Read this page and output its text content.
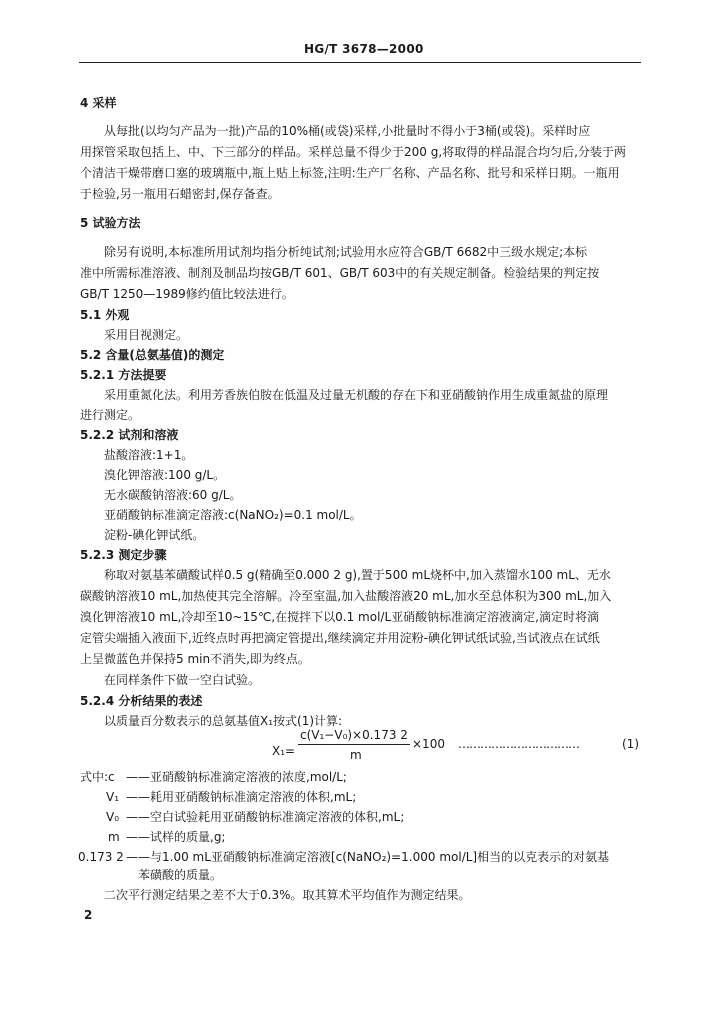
HG/T 3678—2000
4 采样
从每批(以均匀产品为一批)产品的10%桶(或袋)采样,小批量时不得小于3桶(或袋)。采样时应
用探管采取包括上、中、下三部分的样品。采样总量不得少于200 g,将取得的样品混合均匀后,分装于两
个清洁干燥带磨口塞的玻璃瓶中,瓶上贴上标签,注明:生产厂名称、产品名称、批号和采样日期。一瓶用
于检验,另一瓶用石蜡密封,保存备查。
5 试验方法
除另有说明,本标准所用试剂均指分析纯试剂;试验用水应符合GB/T 6682中三级水规定;本标
准中所需标准溶液、制剂及制品均按GB/T 601、GB/T 603中的有关规定制备。检验结果的判定按
GB/T 1250—1989修约值比较法进行。
5.1 外观
采用目视测定。
5.2 含量(总氨基值)的测定
5.2.1 方法提要
采用重氮化法。利用芳香族伯胺在低温及过量无机酸的存在下和亚硝酸钠作用生成重氮盐的原理
进行测定。
5.2.2 试剂和溶液
盐酸溶液:1+1。
溴化钾溶液:100 g/L。
无水碳酸钠溶液:60 g/L。
亚硝酸钠标准滴定溶液:c(NaNO₂)=0.1 mol/L。
淀粉-碘化钾试纸。
5.2.3 测定步骤
称取对氨基苯磺酸试样0.5 g(精确至0.000 2 g),置于500 mL烧杯中,加入蒸馏水100 mL、无水
碳酸钠溶液10 mL,加热使其完全溶解。冷至室温,加入盐酸溶液20 mL,加水至总体积为300 mL,加入
溴化钾溶液10 mL,冷却至10~15℃,在搅拌下以0.1 mol/L亚硝酸钠标准滴定溶液滴定,滴定时将滴
定管尖端插入液面下,近终点时再把滴定管提出,继续滴定并用淀粉-碘化钾试纸试验,当试液点在试纸
上呈微蓝色并保持5 min不消失,即为终点。
在同样条件下做一空白试验。
5.2.4 分析结果的表述
以质量百分数表示的总氨基值X₁按式(1)计算:
X₁=
c(V₁−V₀)×0.173 2
m
×100 ……………………………	(1)
式中:c ——亚硝酸钠标准滴定溶液的浓度,mol/L;
V₁ ——耗用亚硝酸钠标准滴定溶液的体积,mL;
V₀ ——空白试验耗用亚硝酸钠标准滴定溶液的体积,mL;
m ——试样的质量,g;
0.173 2 ——与1.00 mL亚硝酸钠标准滴定溶液[c(NaNO₂)=1.000 mol/L]相当的以克表示的对氨基
苯磺酸的质量。
二次平行测定结果之差不大于0.3%。取其算术平均值作为测定结果。
2
